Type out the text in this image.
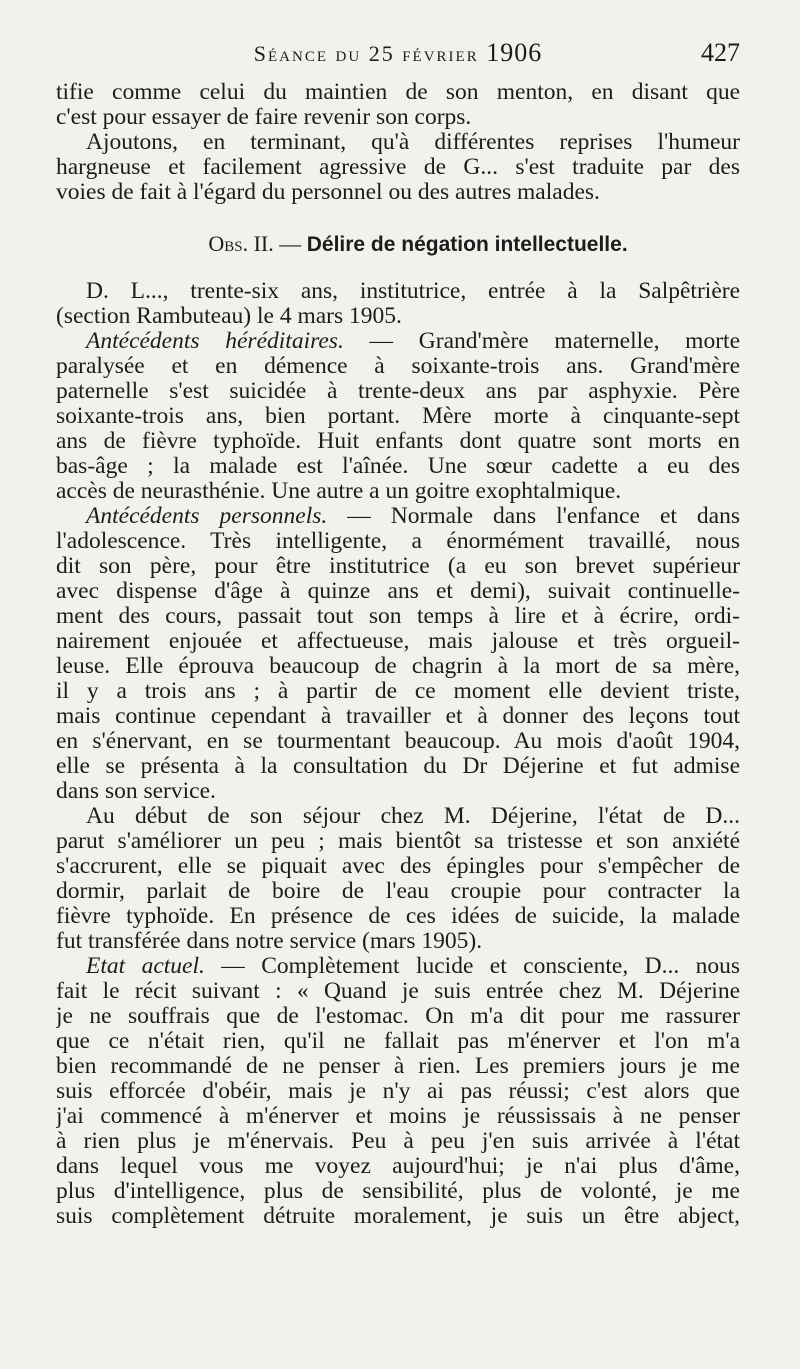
Séance du 25 février 1906	427
tifie comme celui du maintien de son menton, en disant que
c'est pour essayer de faire revenir son corps.
Ajoutons, en terminant, qu'à différentes reprises l'humeur
hargneuse et facilement agressive de G... s'est traduite par des
voies de fait à l'égard du personnel ou des autres malades.
Obs. II. — Délire de négation intellectuelle.
D. L..., trente-six ans, institutrice, entrée à la Salpêtrière
(section Rambuteau) le 4 mars 1905.
Antécédents héréditaires. — Grand'mère maternelle, morte
paralysée et en démence à soixante-trois ans. Grand'mère
paternelle s'est suicidée à trente-deux ans par asphyxie. Père
soixante-trois ans, bien portant. Mère morte à cinquante-sept
ans de fièvre typhoïde. Huit enfants dont quatre sont morts en
bas-âge ; la malade est l'aînée. Une sœur cadette a eu des
accès de neurasthénie. Une autre a un goitre exophtalmique.
Antécédents personnels. — Normale dans l'enfance et dans
l'adolescence. Très intelligente, a énormément travaillé, nous
dit son père, pour être institutrice (a eu son brevet supérieur
avec dispense d'âge à quinze ans et demi), suivait continuelle-
ment des cours, passait tout son temps à lire et à écrire, ordi-
nairement enjouée et affectueuse, mais jalouse et très orgueil-
leuse. Elle éprouva beaucoup de chagrin à la mort de sa mère,
il y a trois ans ; à partir de ce moment elle devient triste,
mais continue cependant à travailler et à donner des leçons tout
en s'énervant, en se tourmentant beaucoup. Au mois d'août 1904,
elle se présenta à la consultation du Dr Déjerine et fut admise
dans son service.
Au début de son séjour chez M. Déjerine, l'état de D...
parut s'améliorer un peu ; mais bientôt sa tristesse et son anxiété
s'accrurent, elle se piquait avec des épingles pour s'empêcher de
dormir, parlait de boire de l'eau croupie pour contracter la
fièvre typhoïde. En présence de ces idées de suicide, la malade
fut transférée dans notre service (mars 1905).
Etat actuel. — Complètement lucide et consciente, D... nous
fait le récit suivant : « Quand je suis entrée chez M. Déjerine
je ne souffrais que de l'estomac. On m'a dit pour me rassurer
que ce n'était rien, qu'il ne fallait pas m'énerver et l'on m'a
bien recommandé de ne penser à rien. Les premiers jours je me
suis efforcée d'obéir, mais je n'y ai pas réussi; c'est alors que
j'ai commencé à m'énerver et moins je réussissais à ne penser
à rien plus je m'énervais. Peu à peu j'en suis arrivée à l'état
dans lequel vous me voyez aujourd'hui; je n'ai plus d'âme,
plus d'intelligence, plus de sensibilité, plus de volonté, je me
suis complètement détruite moralement, je suis un être abject,
